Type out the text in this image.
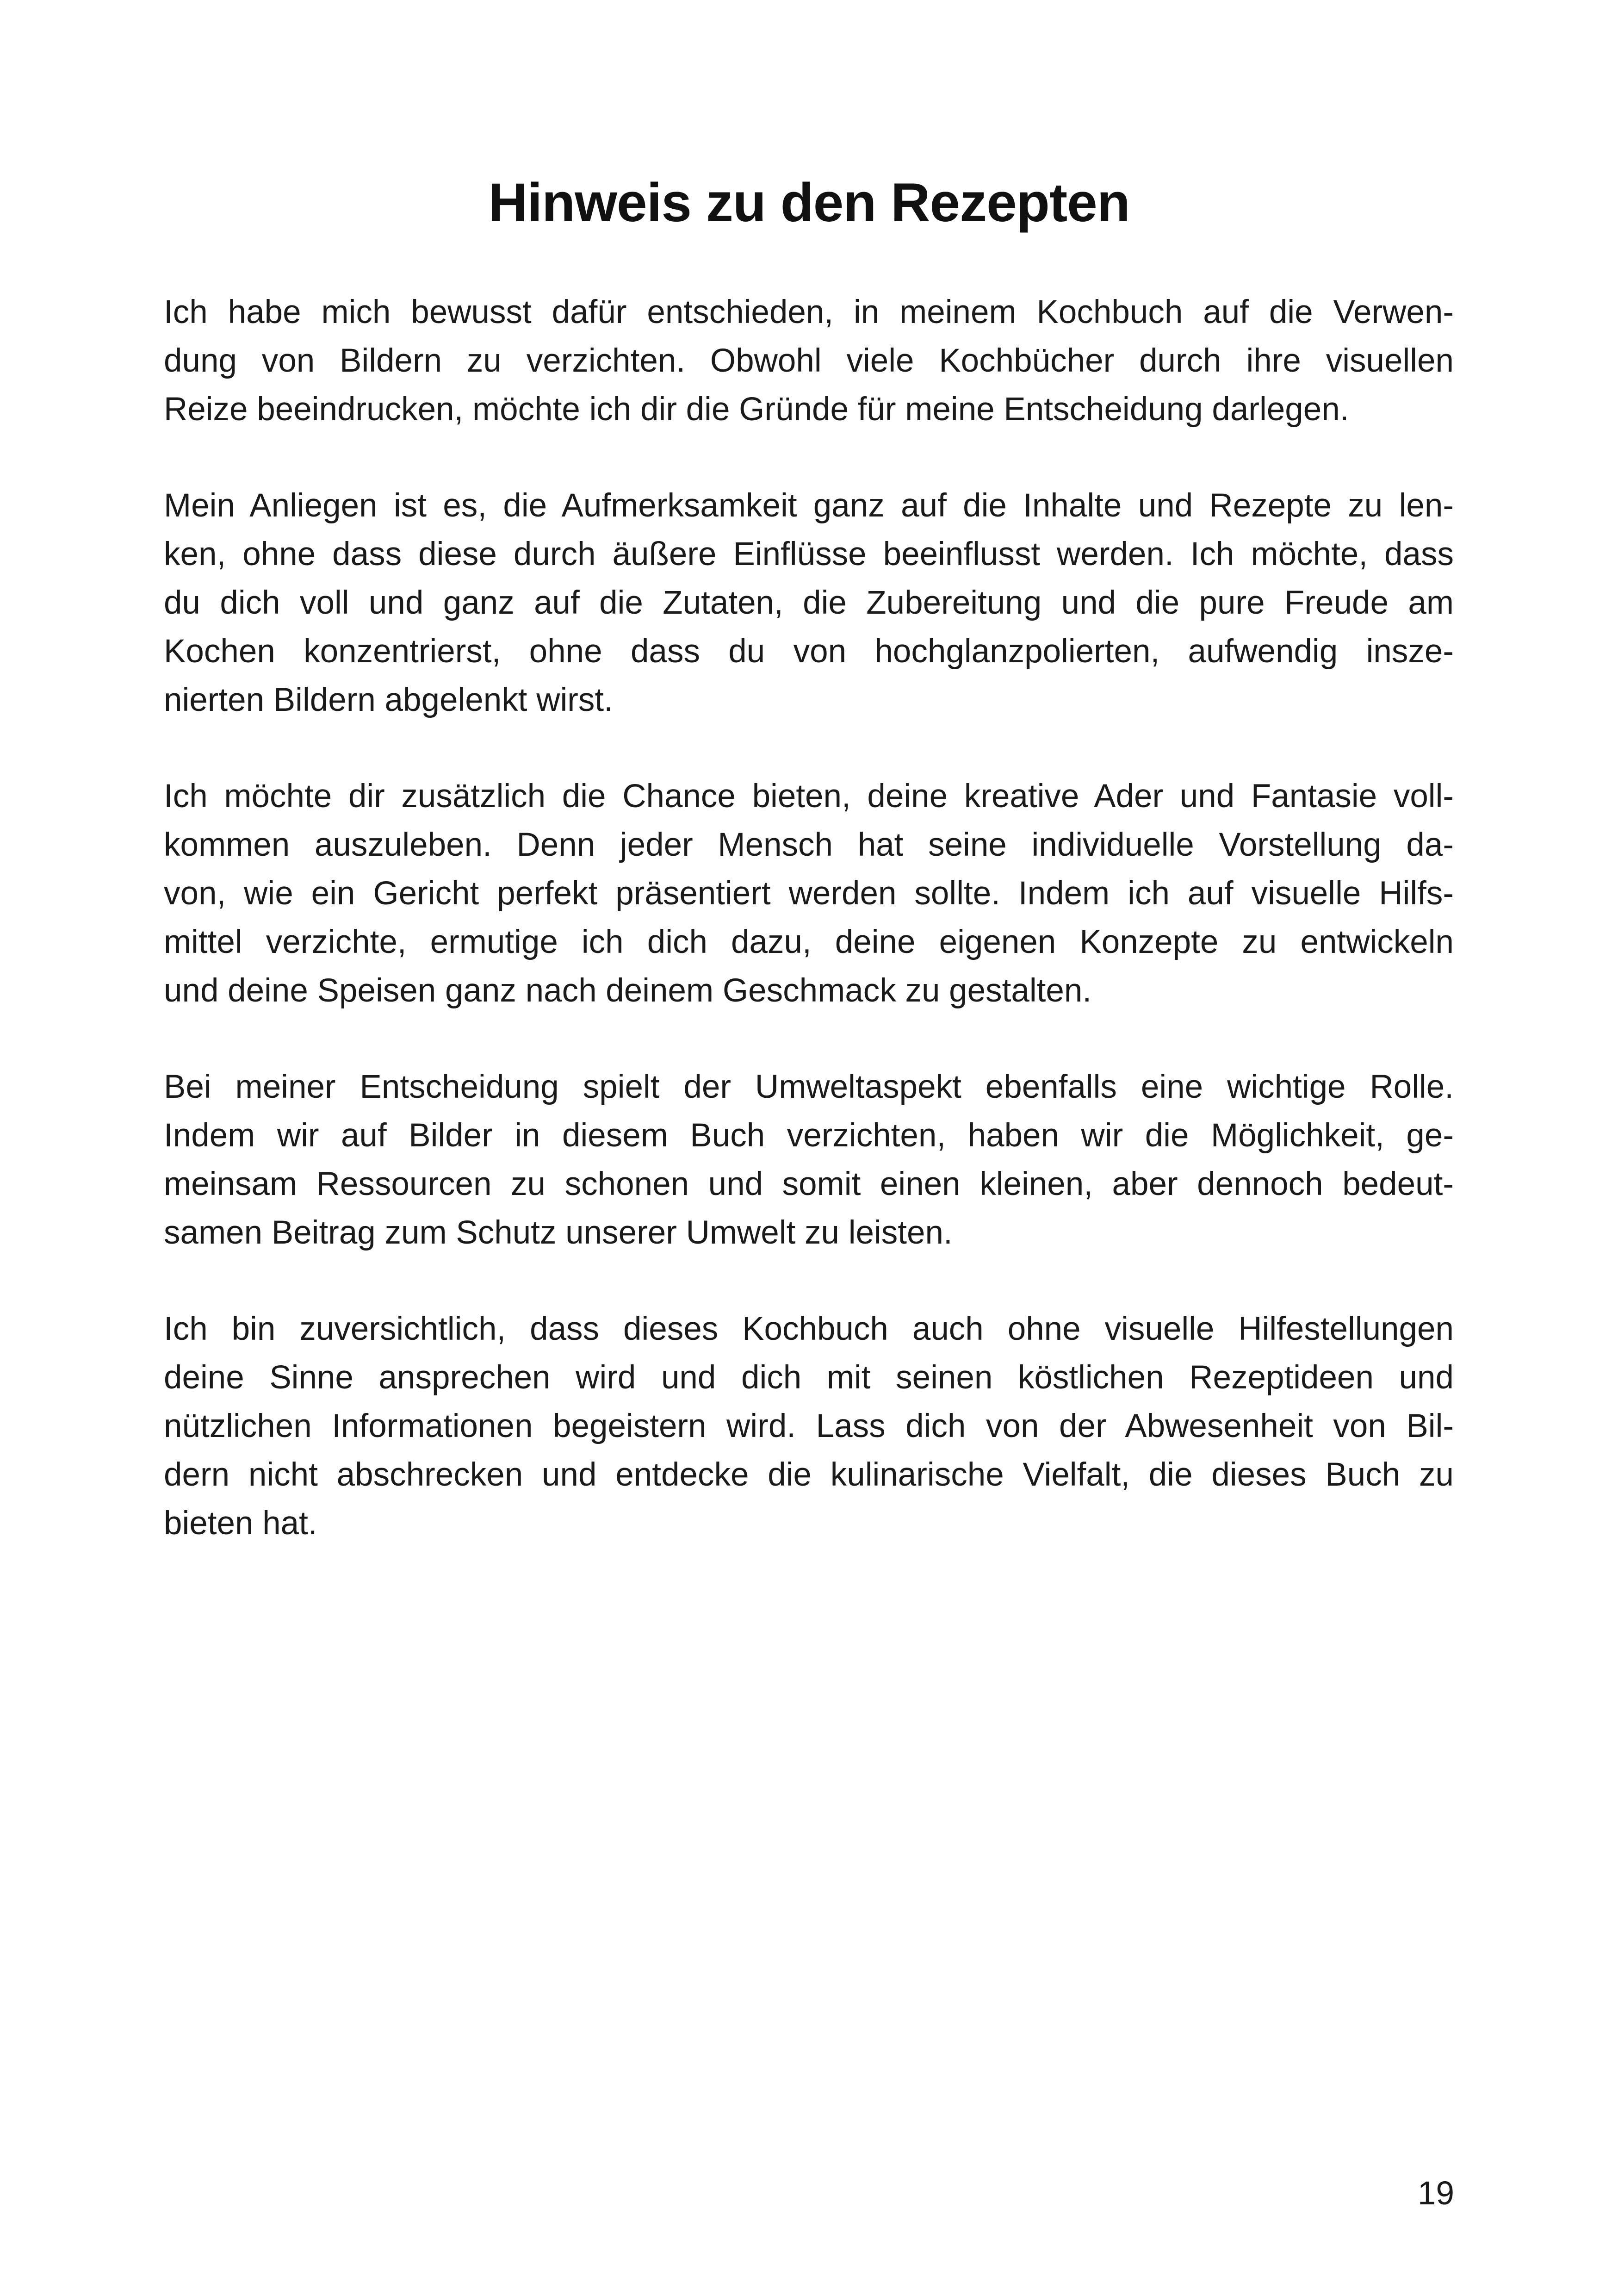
Hinweis zu den Rezepten

Ich habe mich bewusst dafür entschieden, in meinem Kochbuch auf die Verwen-
dung von Bildern zu verzichten. Obwohl viele Kochbücher durch ihre visuellen
Reize beeindrucken, möchte ich dir die Gründe für meine Entscheidung darlegen.

Mein Anliegen ist es, die Aufmerksamkeit ganz auf die Inhalte und Rezepte zu len-
ken, ohne dass diese durch äußere Einflüsse beeinflusst werden. Ich möchte, dass
du dich voll und ganz auf die Zutaten, die Zubereitung und die pure Freude am
Kochen konzentrierst, ohne dass du von hochglanzpolierten, aufwendig insze-
nierten Bildern abgelenkt wirst.

Ich möchte dir zusätzlich die Chance bieten, deine kreative Ader und Fantasie voll-
kommen auszuleben. Denn jeder Mensch hat seine individuelle Vorstellung da-
von, wie ein Gericht perfekt präsentiert werden sollte. Indem ich auf visuelle Hilfs-
mittel verzichte, ermutige ich dich dazu, deine eigenen Konzepte zu entwickeln
und deine Speisen ganz nach deinem Geschmack zu gestalten.

Bei meiner Entscheidung spielt der Umweltaspekt ebenfalls eine wichtige Rolle.
Indem wir auf Bilder in diesem Buch verzichten, haben wir die Möglichkeit, ge-
meinsam Ressourcen zu schonen und somit einen kleinen, aber dennoch bedeut-
samen Beitrag zum Schutz unserer Umwelt zu leisten.

Ich bin zuversichtlich, dass dieses Kochbuch auch ohne visuelle Hilfestellungen
deine Sinne ansprechen wird und dich mit seinen köstlichen Rezeptideen und
nützlichen Informationen begeistern wird. Lass dich von der Abwesenheit von Bil-
dern nicht abschrecken und entdecke die kulinarische Vielfalt, die dieses Buch zu
bieten hat.

19
